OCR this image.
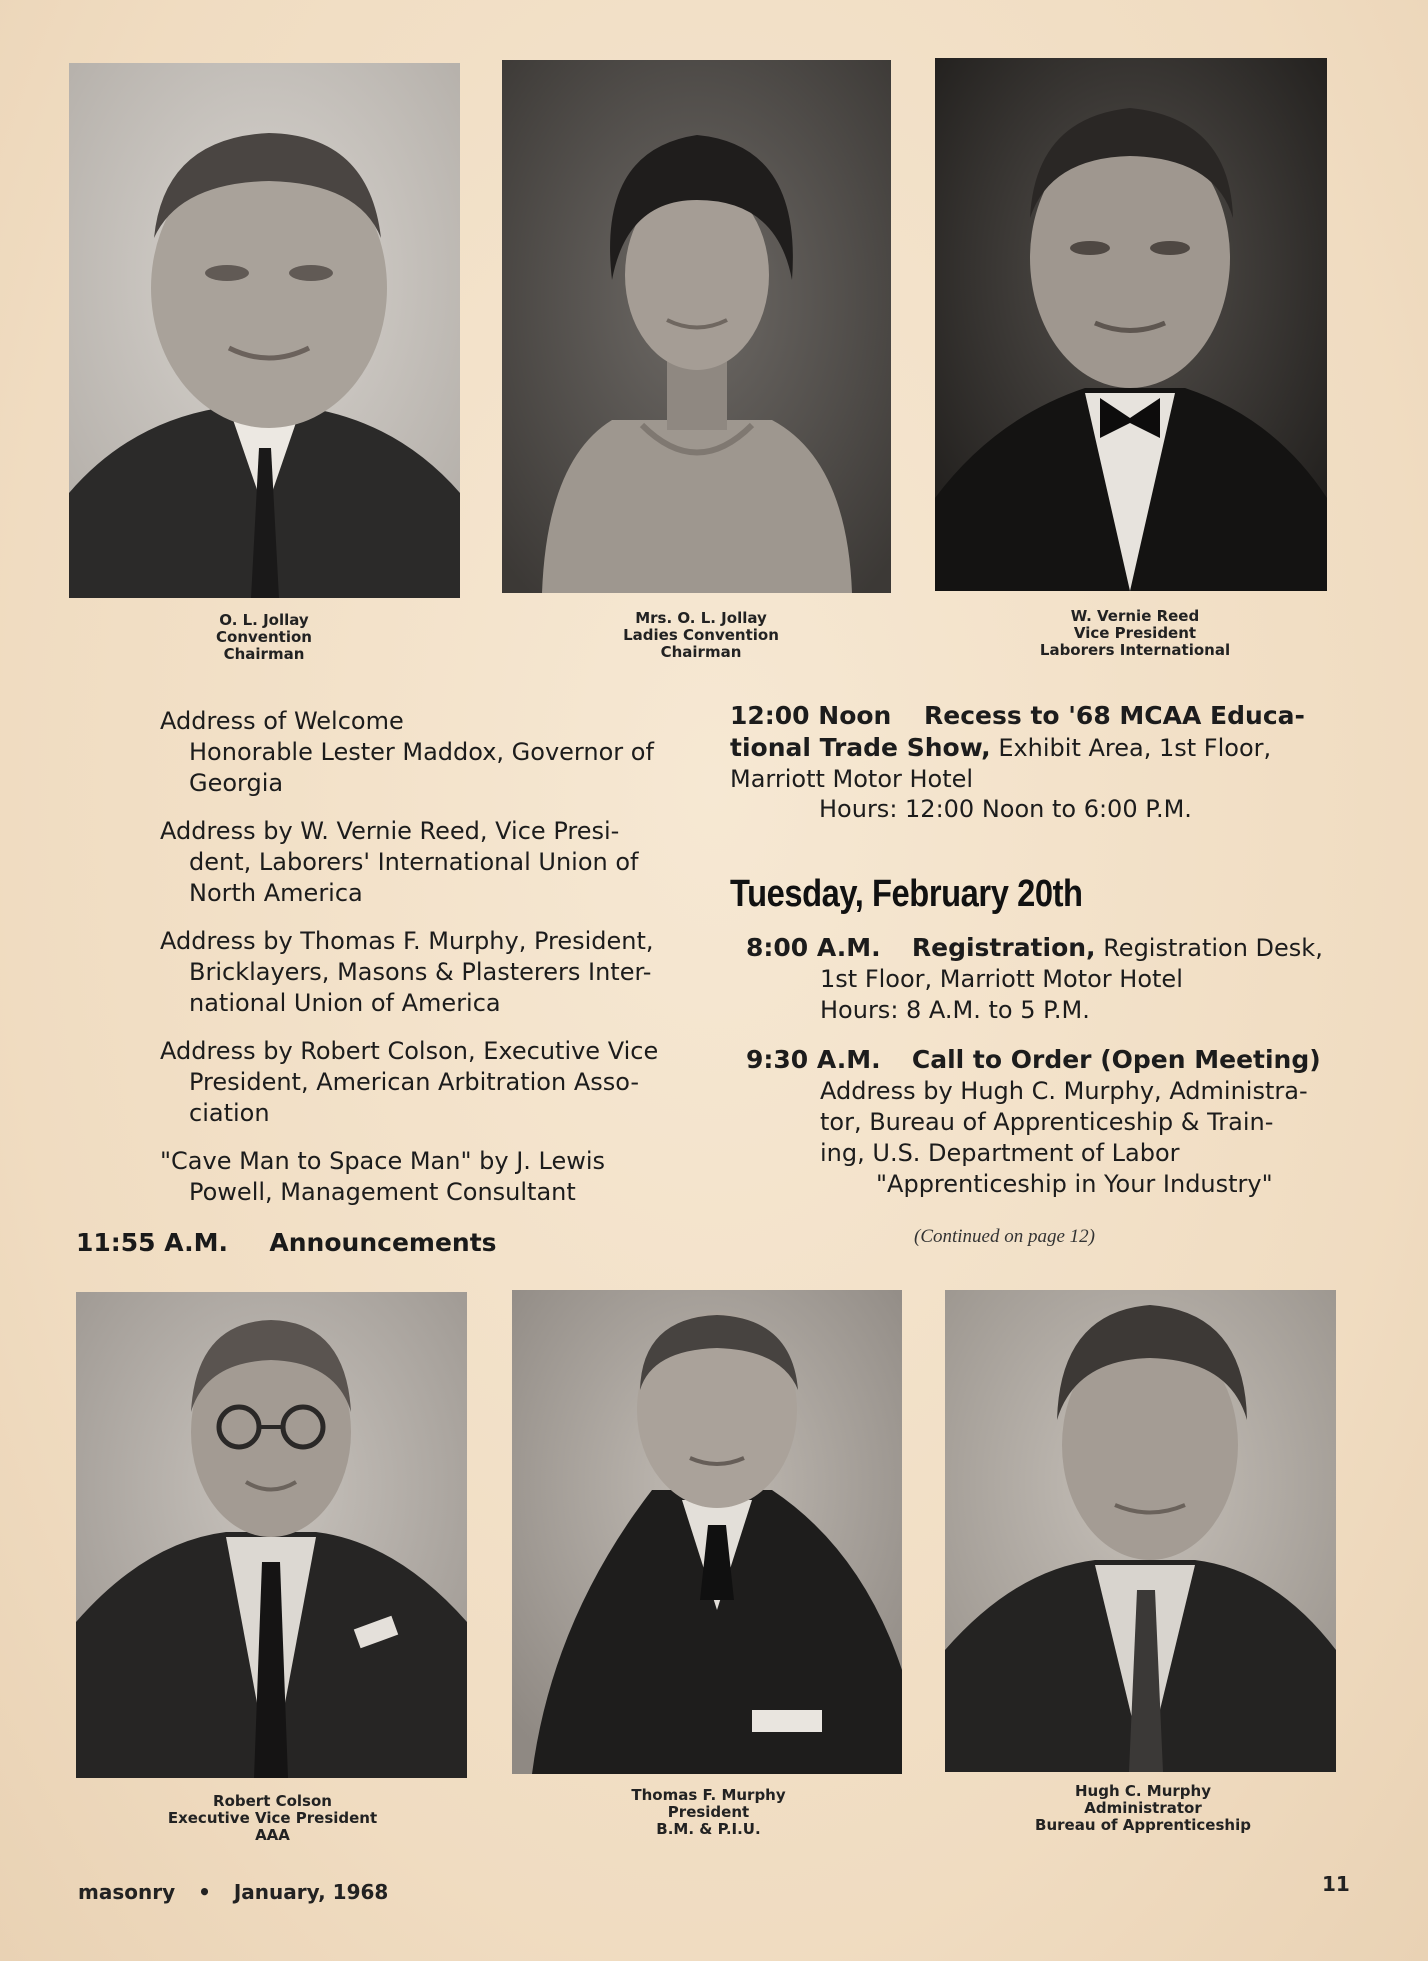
O. L. Jollay
Convention
Chairman
Mrs. O. L. Jollay
Ladies Convention
Chairman
W. Vernie Reed
Vice President
Laborers International
Address of Welcome
Honorable Lester Maddox, Governor of Georgia
Address by W. Vernie Reed, Vice Presi-
dent, Laborers' International Union of North America
Address by Thomas F. Murphy, President,
Bricklayers, Masons & Plasterers Inter- national Union of America
Address by Robert Colson, Executive Vice
President, American Arbitration Asso- ciation
"Cave Man to Space Man" by J. Lewis
Powell, Management Consultant
11:55 A.M. Announcements
12:00 Noon	Recess to '68 MCAA Educa- tional Trade Show, Exhibit Area, 1st Floor, Marriott Motor Hotel
Hours: 12:00 Noon to 6:00 P.M.
Tuesday, February 20th
8:00 A.M. Registration, Registration Desk,
1st Floor, Marriott Motor Hotel
Hours: 8 A.M. to 5 P.M.
9:30 A.M. Call to Order (Open Meeting)
Address by Hugh C. Murphy, Administra- tor, Bureau of Apprenticeship & Train- ing, U.S. Department of Labor
"Apprenticeship in Your Industry"
(Continued on page 12)
Robert Colson
Executive Vice President
AAA
Thomas F. Murphy
President
B.M. & P.I.U.
Hugh C. Murphy
Administrator
Bureau of Apprenticeship
masonry • January, 1968	11
